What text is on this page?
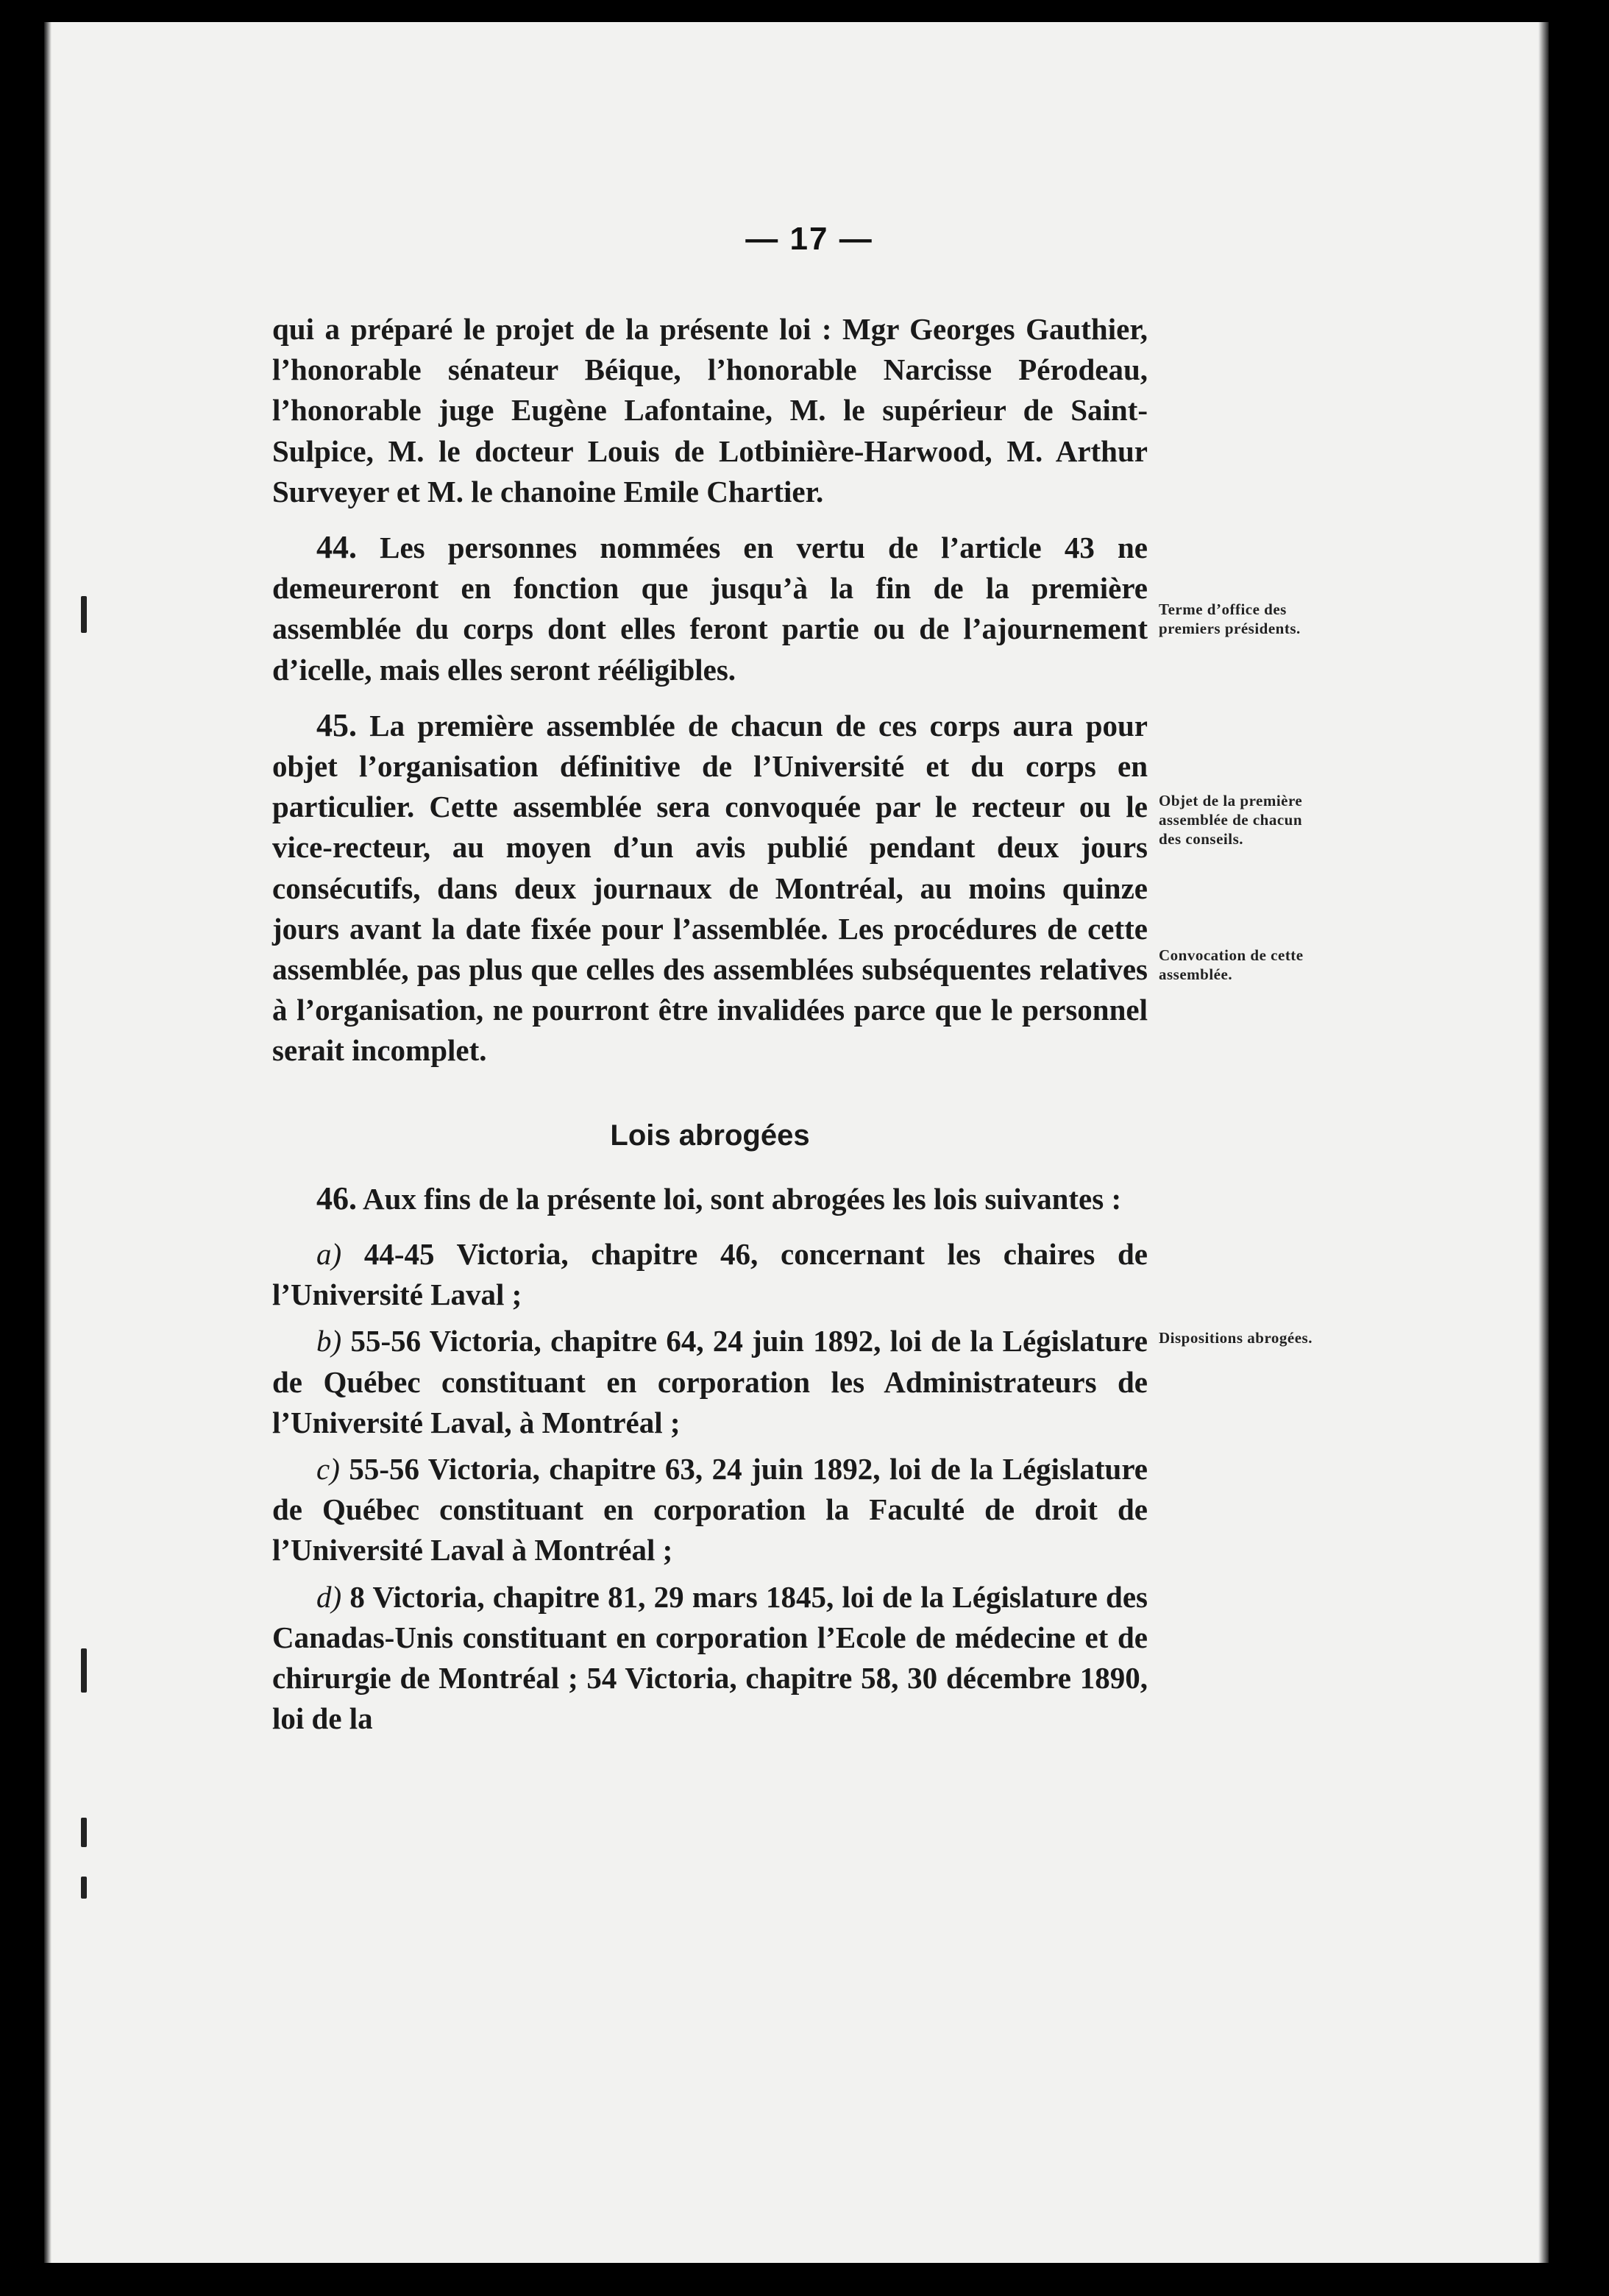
— 17 —

qui a préparé le projet de la présente loi : Mgr Georges Gauthier, l’honorable sénateur Béique, l’honorable Narcisse Pérodeau, l’honorable juge Eugène Lafontaine, M. le supérieur de Saint-Sulpice, M. le docteur Louis de Lotbinière-Harwood, M. Arthur Surveyer et M. le chanoine Emile Chartier.

44. Les personnes nommées en vertu de l’article 43 ne demeureront en fonction que jusqu’à la fin de la première assemblée du corps dont elles feront partie ou de l’ajournement d’icelle, mais elles seront rééligibles.

45. La première assemblée de chacun de ces corps aura pour objet l’organisation définitive de l’Université et du corps en particulier. Cette assemblée sera convoquée par le recteur ou le vice-recteur, au moyen d’un avis publié pendant deux jours consécutifs, dans deux journaux de Montréal, au moins quinze jours avant la date fixée pour l’assemblée. Les procédures de cette assemblée, pas plus que celles des assemblées subséquentes relatives à l’organisation, ne pourront être invalidées parce que le personnel serait incomplet.

Lois abrogées

46. Aux fins de la présente loi, sont abrogées les lois suivantes :

a) 44-45 Victoria, chapitre 46, concernant les chaires de l’Université Laval ;

b) 55-56 Victoria, chapitre 64, 24 juin 1892, loi de la Législature de Québec constituant en corporation les Administrateurs de l’Université Laval, à Montréal ;

c) 55-56 Victoria, chapitre 63, 24 juin 1892, loi de la Législature de Québec constituant en corporation la Faculté de droit de l’Université Laval à Montréal ;

d) 8 Victoria, chapitre 81, 29 mars 1845, loi de la Législature des Canadas-Unis constituant en corporation l’Ecole de médecine et de chirurgie de Montréal ; 54 Victoria, chapitre 58, 30 décembre 1890, loi de la

Terme d’office des premiers présidents.
Objet de la première assemblée de chacun des conseils.
Convocation de cette assemblée.
Dispositions abrogées.
